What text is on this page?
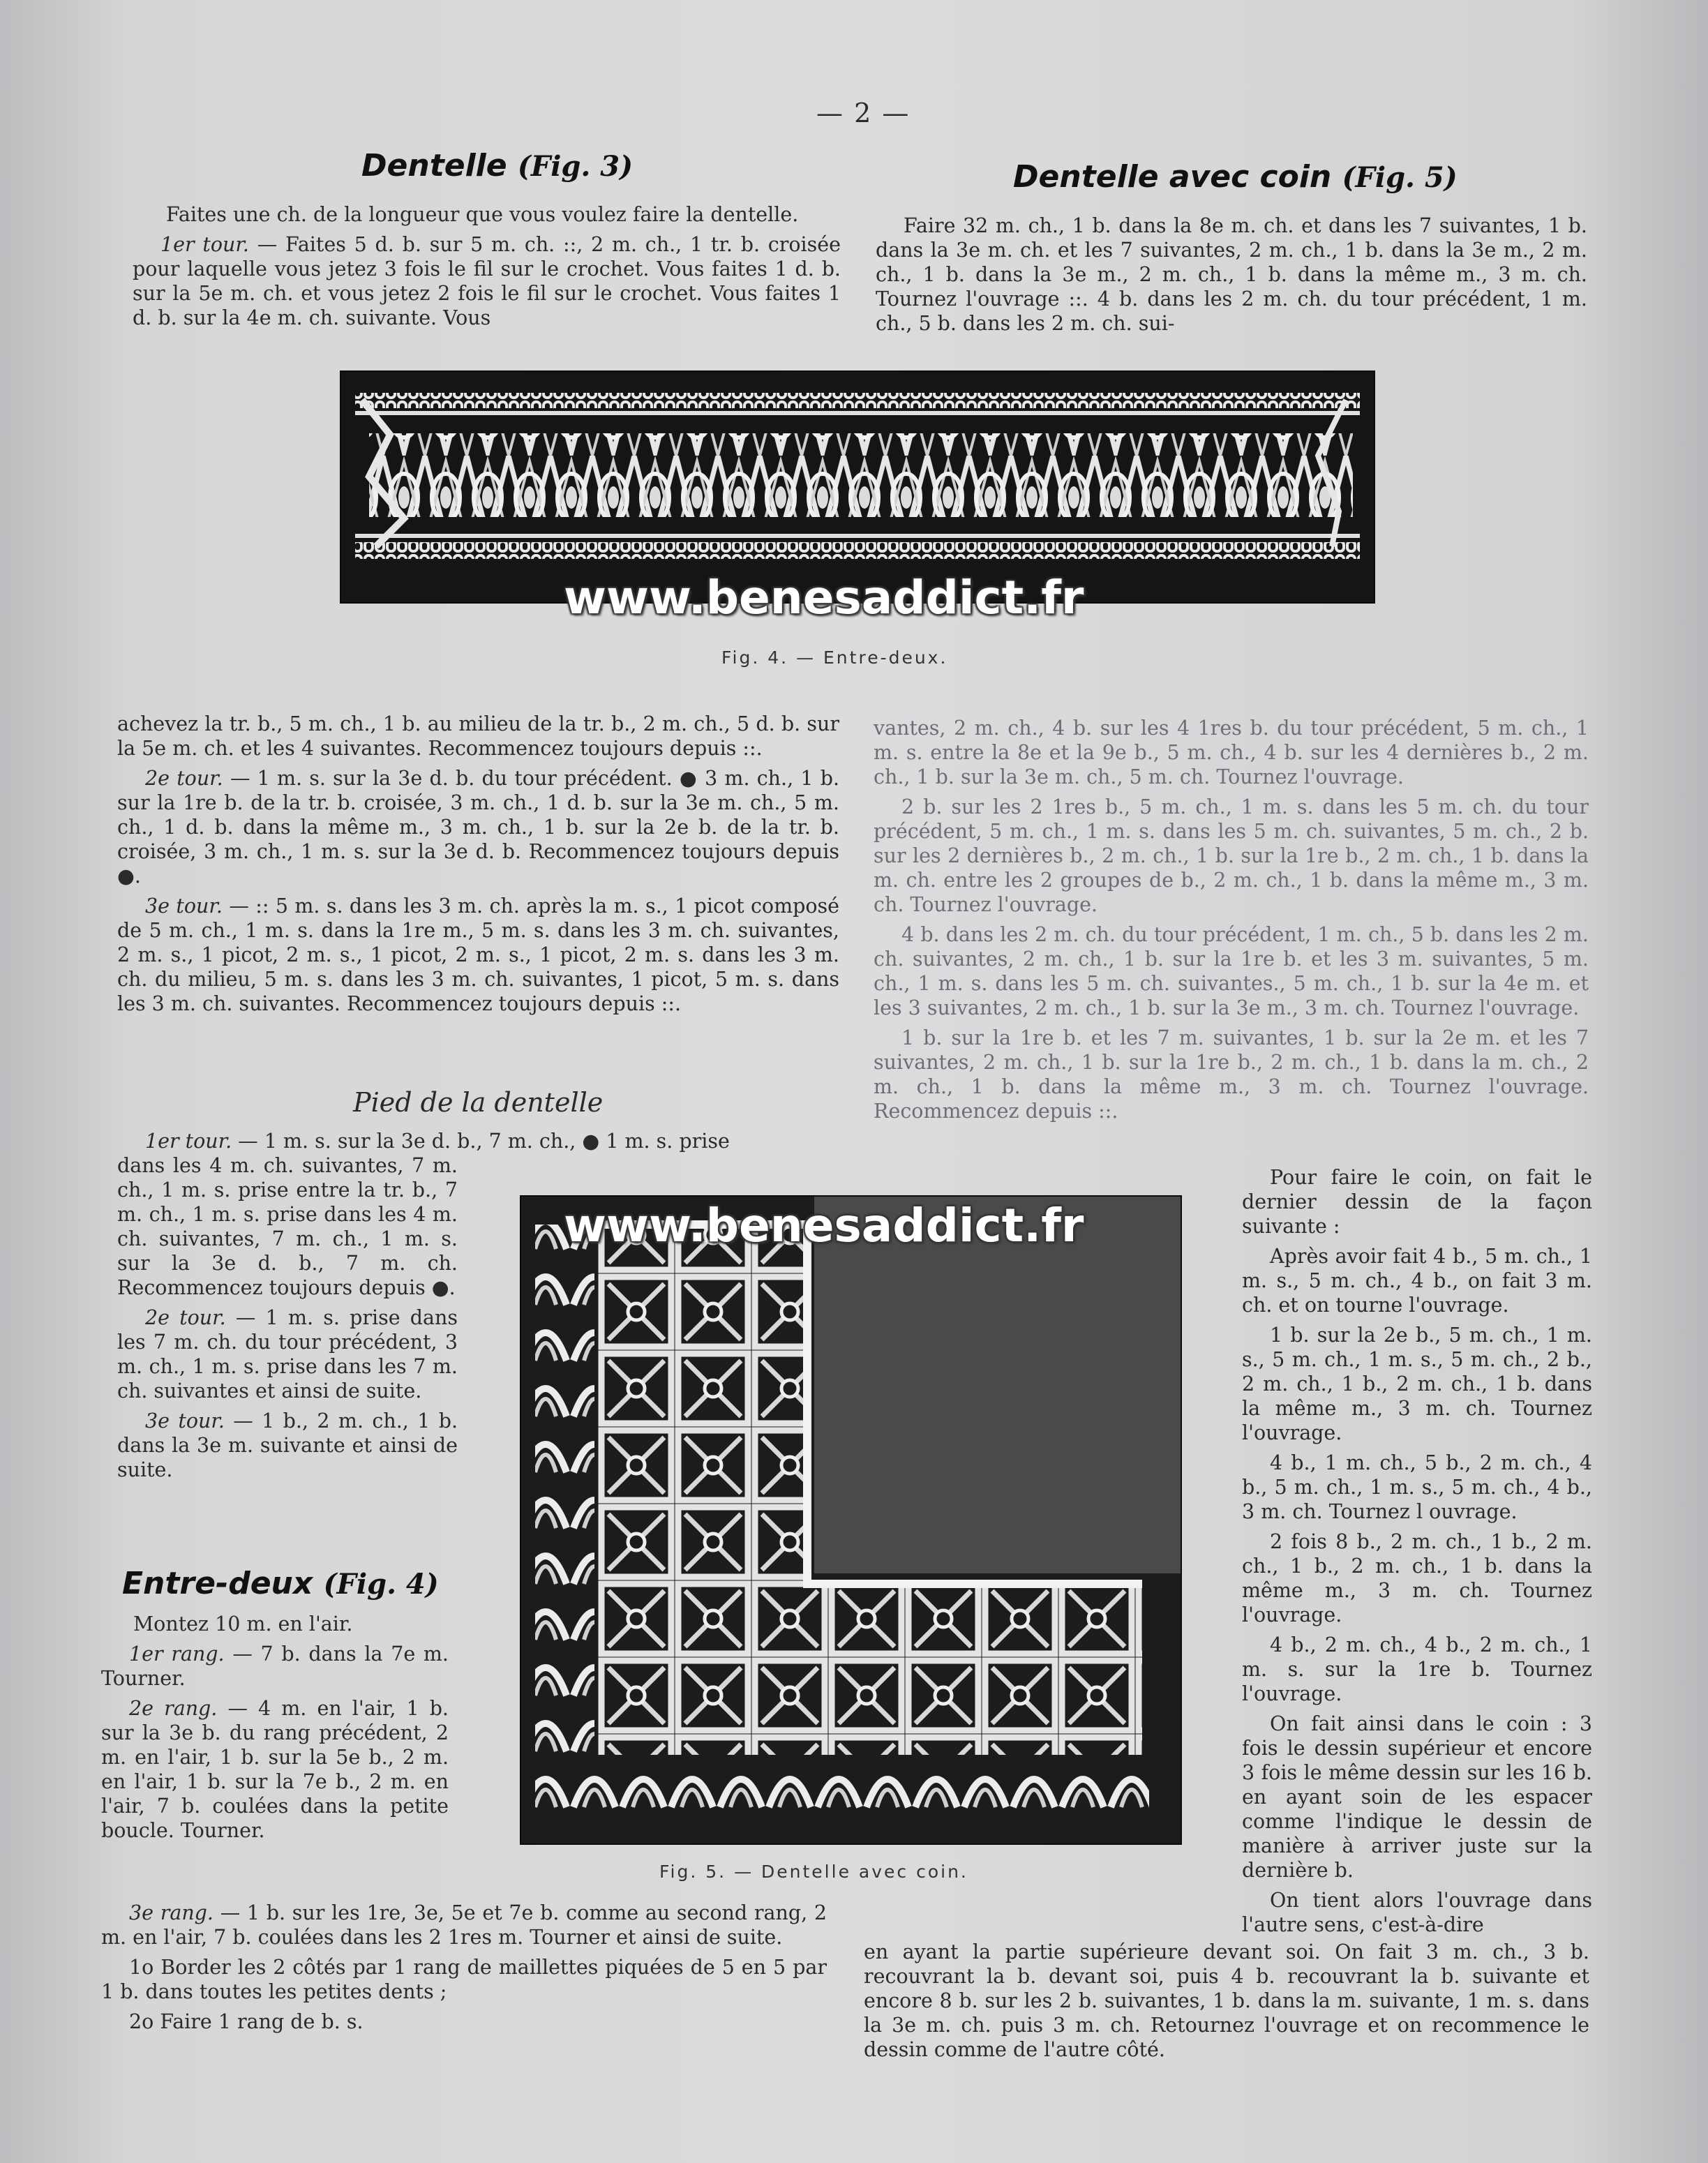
— 2 —
Dentelle (Fig. 3)	Dentelle avec coin (Fig. 5)

Faites une ch. de la longueur que vous voulez faire la dentelle.

1er tour. — Faites 5 d. b. sur 5 m. ch. ::, 2 m. ch., 1 tr. b. croisée pour laquelle vous jetez 3 fois le fil sur le crochet. Vous faites 1 d. b. sur la 5e m. ch. et vous jetez 2 fois le fil sur le crochet. Vous faites 1 d. b. sur la 4e m. ch. suivante. Vous

Faire 32 m. ch., 1 b. dans la 8e m. ch. et dans les 7 suivantes, 1 b. dans la 3e m. ch. et les 7 suivantes, 2 m. ch., 1 b. dans la 3e m., 2 m. ch., 1 b. dans la 3e m., 2 m. ch., 1 b. dans la même m., 3 m. ch. Tournez l'ouvrage ::. 4 b. dans les 2 m. ch. du tour précédent, 1 m. ch., 5 b. dans les 2 m. ch. sui-

www.benesaddict.fr
Fig. 4. — Entre-deux.

achevez la tr. b., 5 m. ch., 1 b. au milieu de la tr. b., 2 m. ch., 5 d. b. sur la 5e m. ch. et les 4 suivantes. Recommencez toujours depuis ::.

2e tour. — 1 m. s. sur la 3e d. b. du tour précédent. ● 3 m. ch., 1 b. sur la 1re b. de la tr. b. croisée, 3 m. ch., 1 d. b. sur la 3e m. ch., 5 m. ch., 1 d. b. dans la même m., 3 m. ch., 1 b. sur la 2e b. de la tr. b. croisée, 3 m. ch., 1 m. s. sur la 3e d. b. Recommencez toujours depuis ●.

3e tour. — :: 5 m. s. dans les 3 m. ch. après la m. s., 1 picot composé de 5 m. ch., 1 m. s. dans la 1re m., 5 m. s. dans les 3 m. ch. suivantes, 2 m. s., 1 picot, 2 m. s., 1 picot, 2 m. s., 1 picot, 2 m. s. dans les 3 m. ch. du milieu, 5 m. s. dans les 3 m. ch. suivantes, 1 picot, 5 m. s. dans les 3 m. ch. suivantes. Recommencez toujours depuis ::.

Pied de la dentelle

1er tour. — 1 m. s. sur la 3e d. b., 7 m. ch., ● 1 m. s. prise

dans les 4 m. ch. suivantes, 7 m. ch., 1 m. s. prise entre la tr. b., 7 m. ch., 1 m. s. prise dans les 4 m. ch. suivantes, 7 m. ch., 1 m. s. sur la 3e d. b., 7 m. ch. Recommencez toujours depuis ●.

2e tour. — 1 m. s. prise dans les 7 m. ch. du tour précédent, 3 m. ch., 1 m. s. prise dans les 7 m. ch. suivantes et ainsi de suite.

3e tour. — 1 b., 2 m. ch., 1 b. dans la 3e m. suivante et ainsi de suite.

Entre-deux (Fig. 4)

Montez 10 m. en l'air.

1er rang. — 7 b. dans la 7e m. Tourner.

2e rang. — 4 m. en l'air, 1 b. sur la 3e b. du rang précédent, 2 m. en l'air, 1 b. sur la 5e b., 2 m. en l'air, 1 b. sur la 7e b., 2 m. en l'air, 7 b. coulées dans la petite boucle. Tourner.

3e rang. — 1 b. sur les 1re, 3e, 5e et 7e b. comme au second rang, 2 m. en l'air, 7 b. coulées dans les 2 1res m. Tourner et ainsi de suite.

1o Border les 2 côtés par 1 rang de maillettes piquées de 5 en 5 par 1 b. dans toutes les petites dents ;

2o Faire 1 rang de b. s.

www.benesaddict.fr
Fig. 5. — Dentelle avec coin.

vantes, 2 m. ch., 4 b. sur les 4 1res b. du tour précédent, 5 m. ch., 1 m. s. entre la 8e et la 9e b., 5 m. ch., 4 b. sur les 4 dernières b., 2 m. ch., 1 b. sur la 3e m. ch., 5 m. ch. Tournez l'ouvrage.

2 b. sur les 2 1res b., 5 m. ch., 1 m. s. dans les 5 m. ch. du tour précédent, 5 m. ch., 1 m. s. dans les 5 m. ch. suivantes, 5 m. ch., 2 b. sur les 2 dernières b., 2 m. ch., 1 b. sur la 1re b., 2 m. ch., 1 b. dans la m. ch. entre les 2 groupes de b., 2 m. ch., 1 b. dans la même m., 3 m. ch. Tournez l'ouvrage.

4 b. dans les 2 m. ch. du tour précédent, 1 m. ch., 5 b. dans les 2 m. ch. suivantes, 2 m. ch., 1 b. sur la 1re b. et les 3 m. suivantes, 5 m. ch., 1 m. s. dans les 5 m. ch. suivantes., 5 m. ch., 1 b. sur la 4e m. et les 3 suivantes, 2 m. ch., 1 b. sur la 3e m., 3 m. ch. Tournez l'ouvrage.

1 b. sur la 1re b. et les 7 m. suivantes, 1 b. sur la 2e m. et les 7 suivantes, 2 m. ch., 1 b. sur la 1re b., 2 m. ch., 1 b. dans la m. ch., 2 m. ch., 1 b. dans la même m., 3 m. ch. Tournez l'ouvrage. Recommencez depuis ::.

Pour faire le coin, on fait le dernier dessin de la façon suivante :

Après avoir fait 4 b., 5 m. ch., 1 m. s., 5 m. ch., 4 b., on fait 3 m. ch. et on tourne l'ouvrage.

1 b. sur la 2e b., 5 m. ch., 1 m. s., 5 m. ch., 1 m. s., 5 m. ch., 2 b., 2 m. ch., 1 b., 2 m. ch., 1 b. dans la même m., 3 m. ch. Tournez l'ouvrage.

4 b., 1 m. ch., 5 b., 2 m. ch., 4 b., 5 m. ch., 1 m. s., 5 m. ch., 4 b., 3 m. ch. Tournez l ouvrage.

2 fois 8 b., 2 m. ch., 1 b., 2 m. ch., 1 b., 2 m. ch., 1 b. dans la même m., 3 m. ch. Tournez l'ouvrage.

4 b., 2 m. ch., 4 b., 2 m. ch., 1 m. s. sur la 1re b. Tournez l'ouvrage.

On fait ainsi dans le coin : 3 fois le dessin supérieur et encore 3 fois le même dessin sur les 16 b. en ayant soin de les espacer comme l'indique le dessin de manière à arriver juste sur la dernière b.

On tient alors l'ouvrage dans l'autre sens, c'est-à-dire

en ayant la partie supérieure devant soi. On fait 3 m. ch., 3 b. recouvrant la b. devant soi, puis 4 b. recouvrant la b. suivante et encore 8 b. sur les 2 b. suivantes, 1 b. dans la m. suivante, 1 m. s. dans la 3e m. ch. puis 3 m. ch. Retournez l'ouvrage et on recommence le dessin comme de l'autre côté.
